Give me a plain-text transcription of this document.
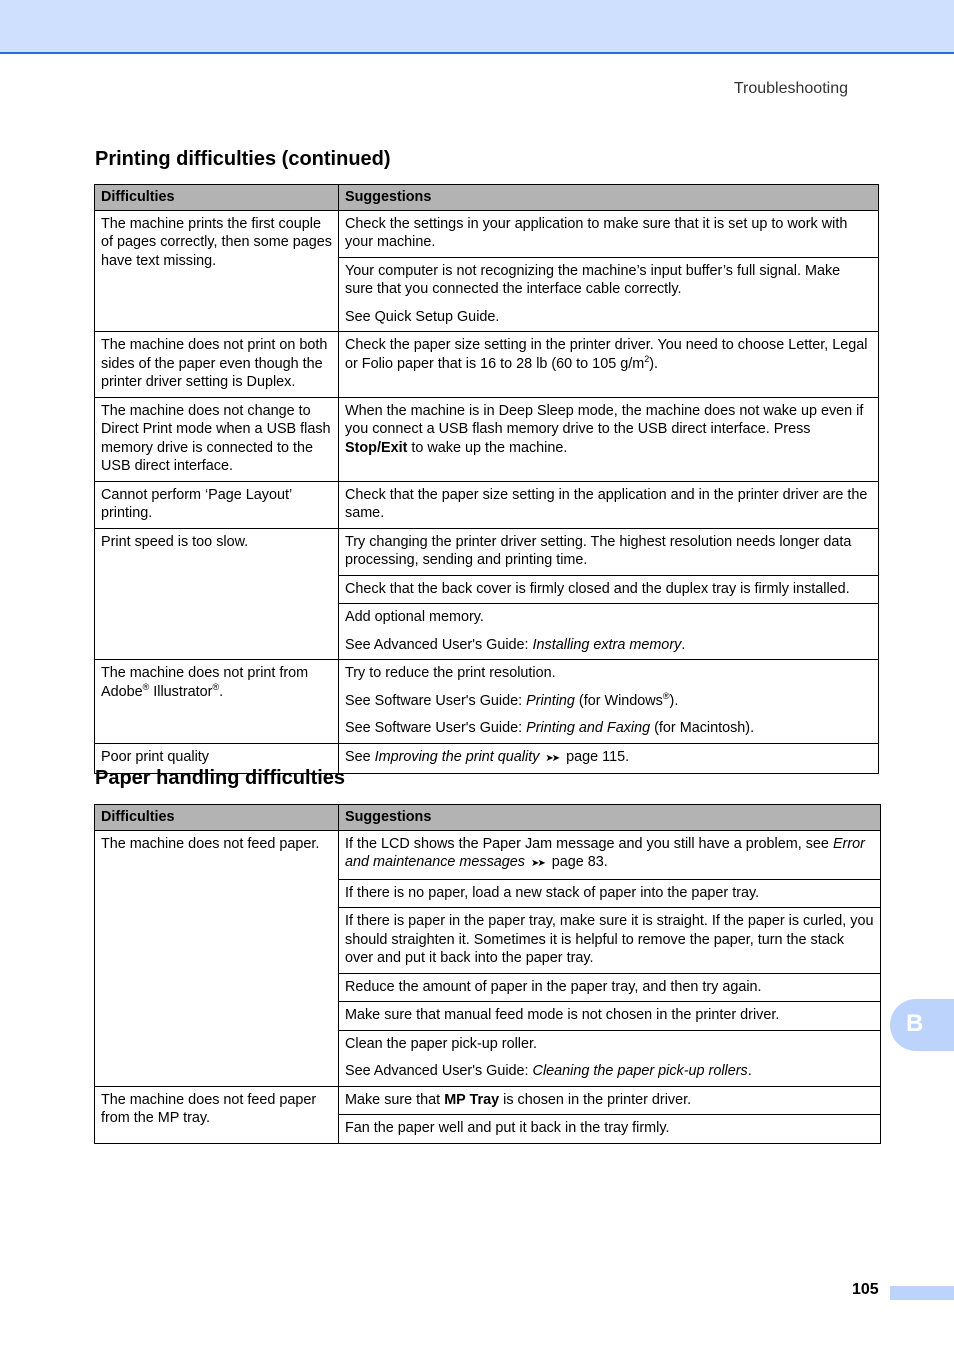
Troubleshooting
Printing difficulties (continued)
Difficulties	Suggestions
The machine prints the first couple of pages correctly, then some pages have text missing.	Check the settings in your application to make sure that it is set up to work with your machine.

	Your computer is not recognizing the machine’s input buffer’s full signal. Make sure that you connected the interface cable correctly.

See Quick Setup Guide.

The machine does not print on both sides of the paper even though the printer driver setting is Duplex.	Check the paper size setting in the printer driver. You need to choose Letter, Legal or Folio paper that is 16 to 28 lb (60 to 105 $g/m^2$).

The machine does not change to Direct Print mode when a USB flash memory drive is connected to the USB direct interface.	When the machine is in Deep Sleep mode, the machine does not wake up even if you connect a USB flash memory drive to the USB direct interface. Press Stop/Exit to wake up the machine.

Cannot perform ‘Page Layout’ printing.	Check that the paper size setting in the application and in the printer driver are the same.

Print speed is too slow.	Try changing the printer driver setting. The highest resolution needs longer data processing, sending and printing time.

	Check that the back cover is firmly closed and the duplex tray is firmly installed.

	Add optional memory.

See Advanced User's Guide: Installing extra memory.

The machine does not print from Adobe® Illustrator®.	Try to reduce the print resolution.

See Software User's Guide: Printing (for Windows®).

See Software User's Guide: Printing and Faxing (for Macintosh).

Poor print quality	See Improving the print quality ➤➤ page 115.

Paper handling difficulties
Difficulties	Suggestions
The machine does not feed paper.	If the LCD shows the Paper Jam message and you still have a problem, see Error and maintenance messages ➤➤ page 83.

	If there is no paper, load a new stack of paper into the paper tray.

	If there is paper in the paper tray, make sure it is straight. If the paper is curled, you should straighten it. Sometimes it is helpful to remove the paper, turn the stack over and put it back into the paper tray.

	Reduce the amount of paper in the paper tray, and then try again.

	Make sure that manual feed mode is not chosen in the printer driver.

	Clean the paper pick-up roller.

See Advanced User's Guide: Cleaning the paper pick-up rollers.

The machine does not feed paper from the MP tray.	Make sure that MP Tray is chosen in the printer driver.

	Fan the paper well and put it back in the tray firmly.

B
105
